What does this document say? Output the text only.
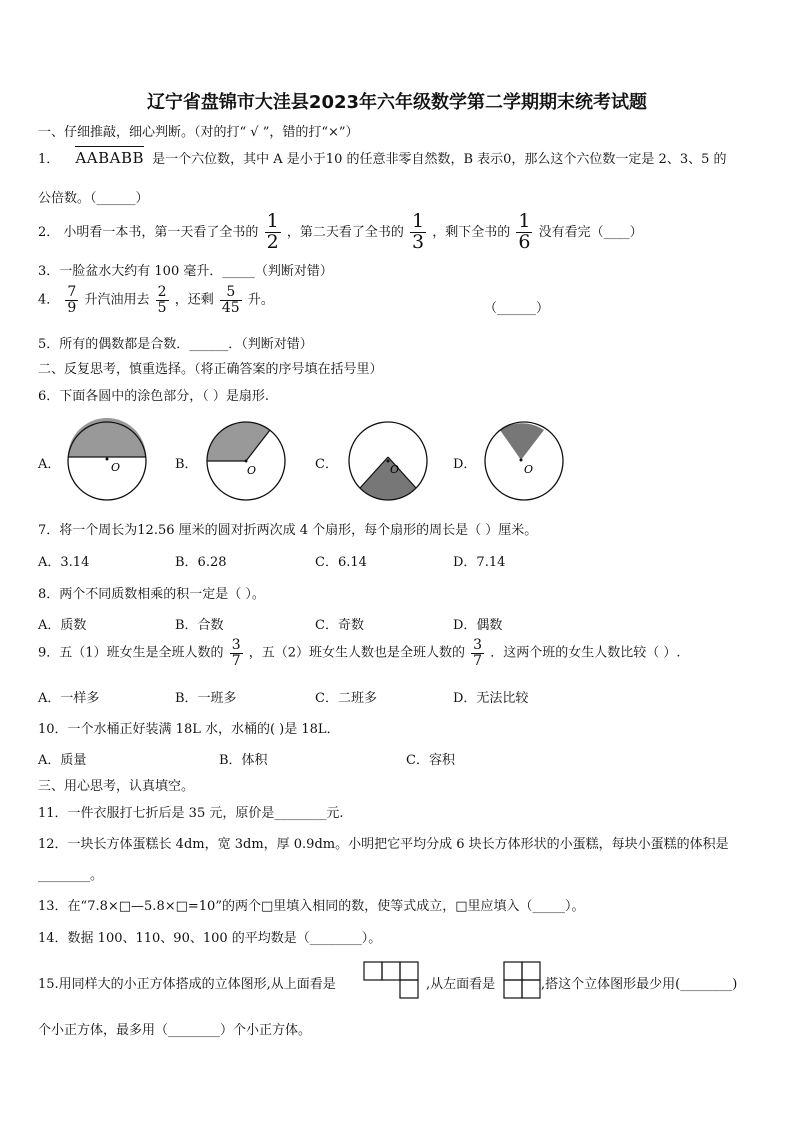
辽宁省盘锦市大洼县2023年六年级数学第二学期期末统考试题
一、仔细推敲，细心判断。（对的打“ √ ”，错的打“×”）
1． AABABB 是一个六位数，其中 A 是小于10 的任意非零自然数，B 表示0，那么这个六位数一定是 2、3、5 的
公倍数。（______）
2． 小明看一本书，第一天看了全书的 $\frac{1}{2}$ ，第二天看了全书的 $\frac{1}{3}$ ，剩下全书的 $\frac{1}{6}$ 没有看完（____）
3．一脸盆水大约有 100 毫升．_____（判断对错）
4． $\frac{7}{9}$ 升汽油用去 $\frac{2}{5}$ ，还剩 $\frac{5}{45}$ 升。
（______）
5．所有的偶数都是合数．______．（判断对错）
二、反复思考，慎重选择。（将正确答案的序号填在括号里）
6．下面各圆中的涂色部分，（ ）是扇形.
A．	O	B．	O	C．	O	D．	O
7．将一个周长为12.56 厘米的圆对折两次成 4 个扇形，每个扇形的周长是（ ）厘米。
A．3.14	B．6.28	C．6.14	D．7.14
8．两个不同质数相乘的积一定是（ ）。
A．质数	B．合数	C．奇数	D．偶数
9．五（1）班女生是全班人数的 $\frac{3}{7}$ ，五（2）班女生人数也是全班人数的 $\frac{3}{7}$ ．这两个班的女生人数比较（ ）.
A．一样多	B．一班多	C．二班多	D．无法比较
10．一个水桶正好装满 18L 水，水桶的( )是 18L．
A．质量	B．体积	C．容积
三、用心思考，认真填空。
11．一件衣服打七折后是 35 元，原价是________元.
12．一块长方体蛋糕长 4dm，宽 3dm，厚 0.9dm。小明把它平均分成 6 块长方体形状的小蛋糕，每块小蛋糕的体积是
________。
13．在“7.8×□—5.8×□=10”的两个□里填入相同的数，使等式成立，□里应填入（_____）。
14．数据 100、110、90、100 的平均数是（________）。
15.用同样大的小正方体搭成的立体图形,从上面看是	,从左面看是	,搭这个立体图形最少用(________)
个小正方体，最多用（________）个小正方体。
